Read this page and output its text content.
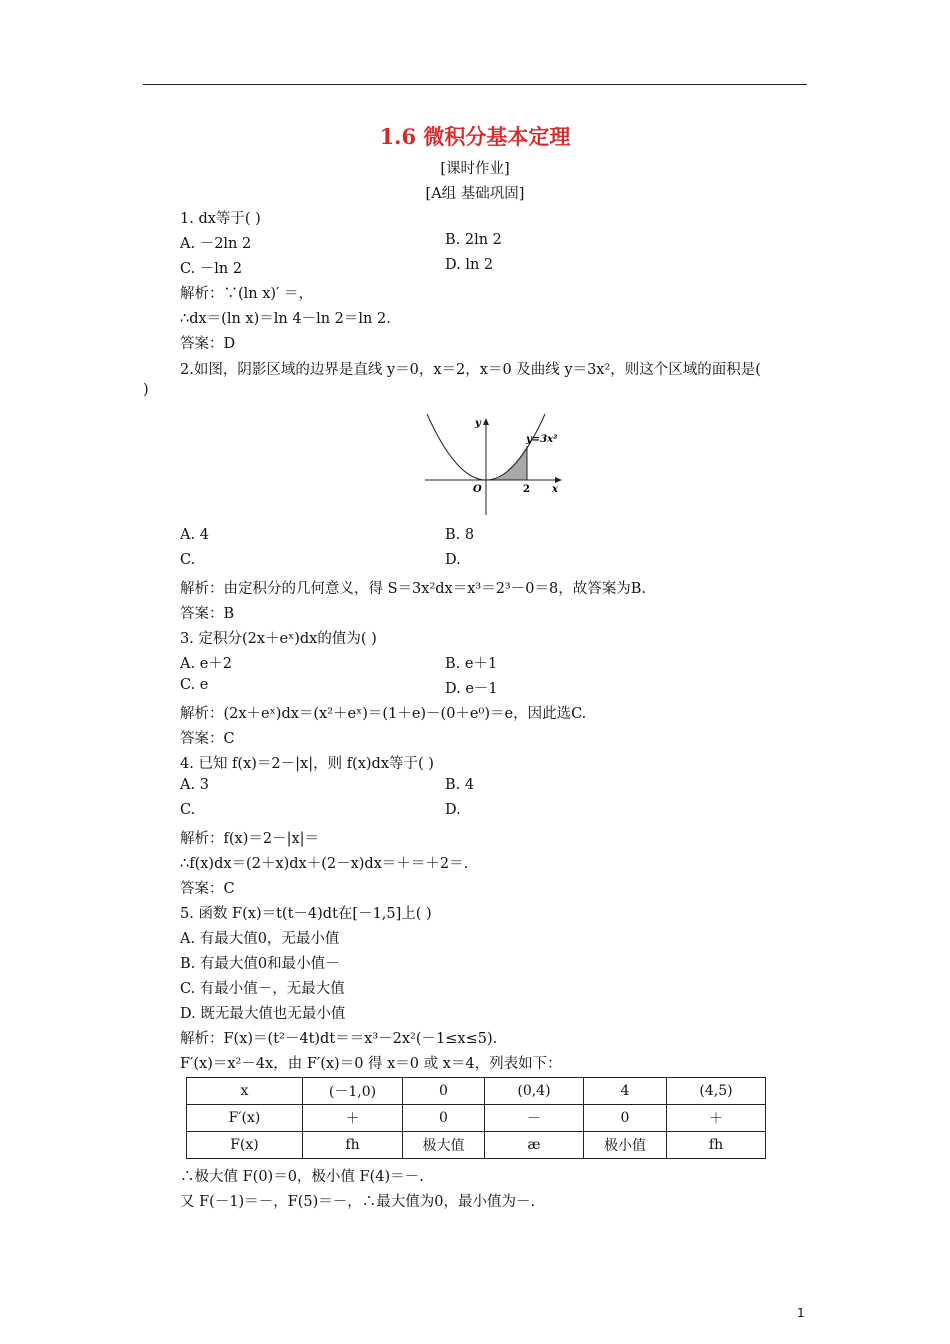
1.6 微积分基本定理
[课时作业]
[A组 基础巩固]
1. dx等于( )
A. －2ln 2	B. 2ln 2
C. －ln 2	D. ln 2
解析：∵(ln x)′ ＝，
∴dx＝(ln x)＝ln 4－ln 2＝ln 2.
答案：D
2.如图，阴影区域的边界是直线 y＝0，x＝2，x＝0 及曲线 y＝3x²，则这个区域的面积是(
)
y=3x²
y
x
O	2
A. 4	B. 8
C.	D.
解析：由定积分的几何意义，得 S＝3x²dx＝x³＝2³－0＝8，故答案为B.
答案：B
3. 定积分(2x＋eˣ)dx的值为( )
A. e＋2	B. e＋1
C. e	D. e－1
解析：(2x＋eˣ)dx＝(x²＋eˣ)＝(1＋e)－(0＋e⁰)＝e，因此选C.
答案：C
4. 已知 f(x)＝2－|x|，则 f(x)dx等于( )
A. 3	B. 4
C.	D.
解析：f(x)＝2－|x|＝
∴f(x)dx＝(2＋x)dx＋(2－x)dx＝＋＝＋2＝.
答案：C
5. 函数 F(x)＝t(t－4)dt在[－1,5]上( )
A. 有最大值0，无最小值
B. 有最大值0和最小值－
C. 有最小值－，无最大值
D. 既无最大值也无最小值
解析：F(x)＝(t²－4t)dt＝＝x³－2x²(－1≤x≤5).
F′(x)＝x²－4x，由 F′(x)＝0 得 x＝0 或 x＝4，列表如下：
x	(－1,0)	0	(0,4)	4	(4,5)
F′(x)	＋	0	－	0	＋
F(x)	fh	极大值	æ	极小值	fh
∴极大值 F(0)＝0，极小值 F(4)＝－.
又 F(－1)＝－，F(5)＝－，∴最大值为0，最小值为－.
1
